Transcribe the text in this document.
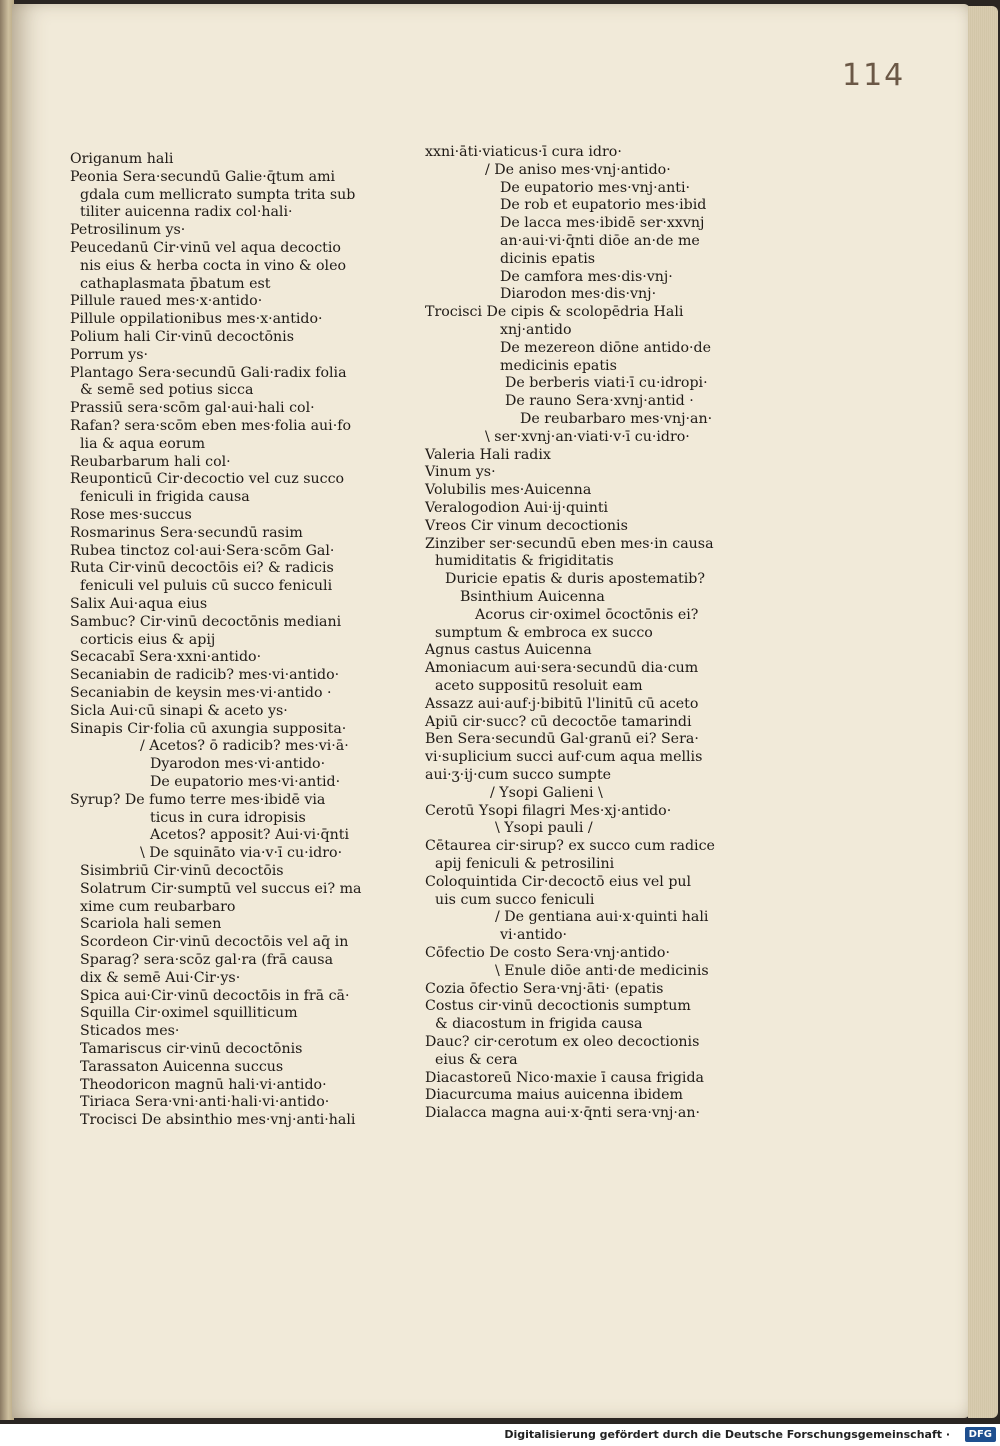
114
Origanum hali
Peonia Sera·secundū Galie·q̄tum ami
gdala cum mellicrato sumpta trita sub
tiliter auicenna radix col·hali·
Petrosilinum ys·
Peucedanū Cir·vinū vel aqua decoctio
nis eius & herba cocta in vino & oleo
cathaplasmata p̄batum est
Pillule raued mes·x·antido·
Pillule oppilationibus mes·x·antido·
Polium hali Cir·vinū decoctōnis
Porrum ys·
Plantago Sera·secundū Gali·radix folia
& semē sed potius sicca
Prassiū sera·scōm gal·aui·hali col·
Rafan? sera·scōm eben mes·folia aui·fo
lia & aqua eorum
Reubarbarum hali col·
Reuponticū Cir·decoctio vel cuz succo
feniculi in frigida causa
Rose mes·succus
Rosmarinus Sera·secundū rasim
Rubea tinctoz col·aui·Sera·scōm Gal·
Ruta Cir·vinū decoctōis ei? & radicis
feniculi vel puluis cū succo feniculi
Salix Aui·aqua eius
Sambuc? Cir·vinū decoctōnis mediani
corticis eius & apij
Secacabī Sera·xxni·antido·
Secaniabin de radicib? mes·vi·antido·
Secaniabin de keysin mes·vi·antido ·
Sicla Aui·cū sinapi & aceto ys·
Sinapis Cir·folia cū axungia supposita·
/ Acetos? ō radicib? mes·vi·ā·
Dyarodon mes·vi·antido·
De eupatorio mes·vi·antid·
Syrup? De fumo terre mes·ibidē via
ticus in cura idropisis
Acetos? apposit? Aui·vi·q̄nti
\ De squināto via·v·ī cu·idro·
Sisimbriū Cir·vinū decoctōis
Solatrum Cir·sumptū vel succus ei? ma
xime cum reubarbaro
Scariola hali semen
Scordeon Cir·vinū decoctōis vel aq̄ in
Sparag? sera·scōz gal·ra (frā causa
dix & semē Aui·Cir·ys·
Spica aui·Cir·vinū decoctōis in frā cā·
Squilla Cir·oximel squilliticum
Sticados mes·
Tamariscus cir·vinū decoctōnis
Tarassaton Auicenna succus
Theodoricon magnū hali·vi·antido·
Tiriaca Sera·vni·anti·hali·vi·antido·
Trocisci De absinthio mes·vnj·anti·hali
xxni·āti·viaticus·ī cura idro·
/ De aniso mes·vnj·antido·
De eupatorio mes·vnj·anti·
De rob et eupatorio mes·ibid
De lacca mes·ibidē ser·xxvnj
an·aui·vi·q̄nti diōe an·de me
dicinis epatis
De camfora mes·dis·vnj·
Diarodon mes·dis·vnj·
Trocisci De cipis & scolopēdria Hali
xnj·antido
De mezereon diōne antido·de
medicinis epatis
De berberis viati·ī cu·idropi·
De rauno Sera·xvnj·antid ·
De reubarbaro mes·vnj·an·
\ ser·xvnj·an·viati·v·ī cu·idro·
Valeria Hali radix
Vinum ys·
Volubilis mes·Auicenna
Veralogodion Aui·ij·quinti
Vreos Cir vinum decoctionis
Zinziber ser·secundū eben mes·in causa
humiditatis & frigiditatis
Duricie epatis & duris apostematib?
Bsinthium Auicenna
Acorus cir·oximel ōcoctōnis ei?
sumptum & embroca ex succo
Agnus castus Auicenna
Amoniacum aui·sera·secundū dia·cum
aceto suppositū resoluit eam
Assazz aui·auf·j·bibitū l'linitū cū aceto
Apiū cir·succ? cū decoctōe tamarindi
Ben Sera·secundū Gal·granū ei? Sera·
vi·suplicium succi auf·cum aqua mellis
aui·ʒ·ij·cum succo sumpte
/ Ysopi Galieni \
Cerotū Ysopi filagri Mes·xj·antido·
\ Ysopi pauli /
Cētaurea cir·sirup? ex succo cum radice
apij feniculi & petrosilini
Coloquintida Cir·decoctō eius vel pul
uis cum succo feniculi
/ De gentiana aui·x·quinti hali
vi·antido·
Cōfectio De costo Sera·vnj·antido·
\ Enule diōe anti·de medicinis
Cozia ōfectio Sera·vnj·āti· (epatis
Costus cir·vinū decoctionis sumptum
& diacostum in frigida causa
Dauc? cir·cerotum ex oleo decoctionis
eius & cera
Diacastoreū Nico·maxie ī causa frigida
Diacurcuma maius auicenna ibidem
Dialacca magna aui·x·q̄nti sera·vnj·an·
Digitalisierung gefördert durch die Deutsche Forschungsgemeinschaft ·	DFG
